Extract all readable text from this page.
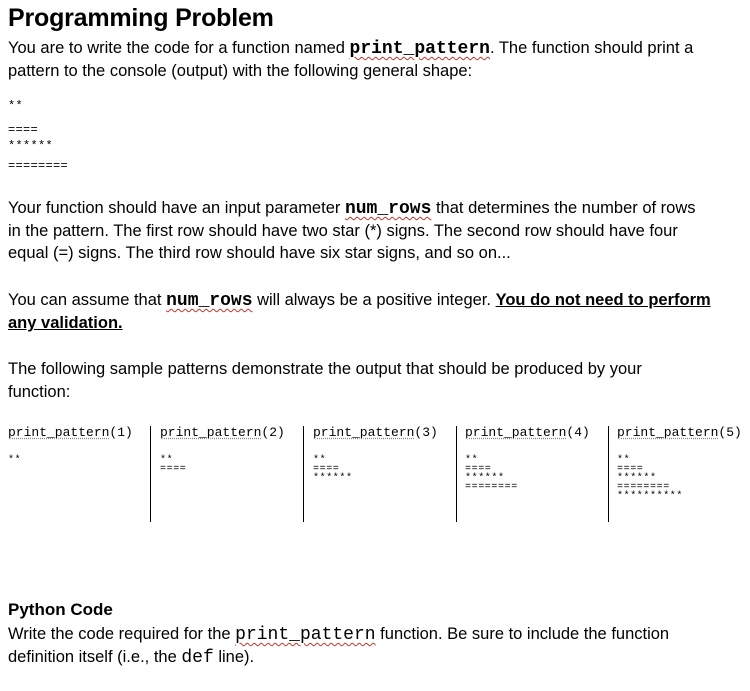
Programming Problem
You are to write the code for a function named print_pattern. The function should print a
pattern to the console (output) with the following general shape:
**
====
******
========
Your function should have an input parameter num_rows that determines the number of rows
in the pattern. The first row should have two star (*) signs. The second row should have four
equal (=) signs. The third row should have six star signs, and so on...
You can assume that num_rows will always be a positive integer. You do not need to perform
any validation.
The following sample patterns demonstrate the output that should be produced by your
function:
print_pattern(1)
**
print_pattern(2)
**
====
print_pattern(3)
**
====
******
print_pattern(4)
**
====
******
========
print_pattern(5)
**
====
******
========
**********
Python Code
Write the code required for the print_pattern function. Be sure to include the function
definition itself (i.e., the def line).
